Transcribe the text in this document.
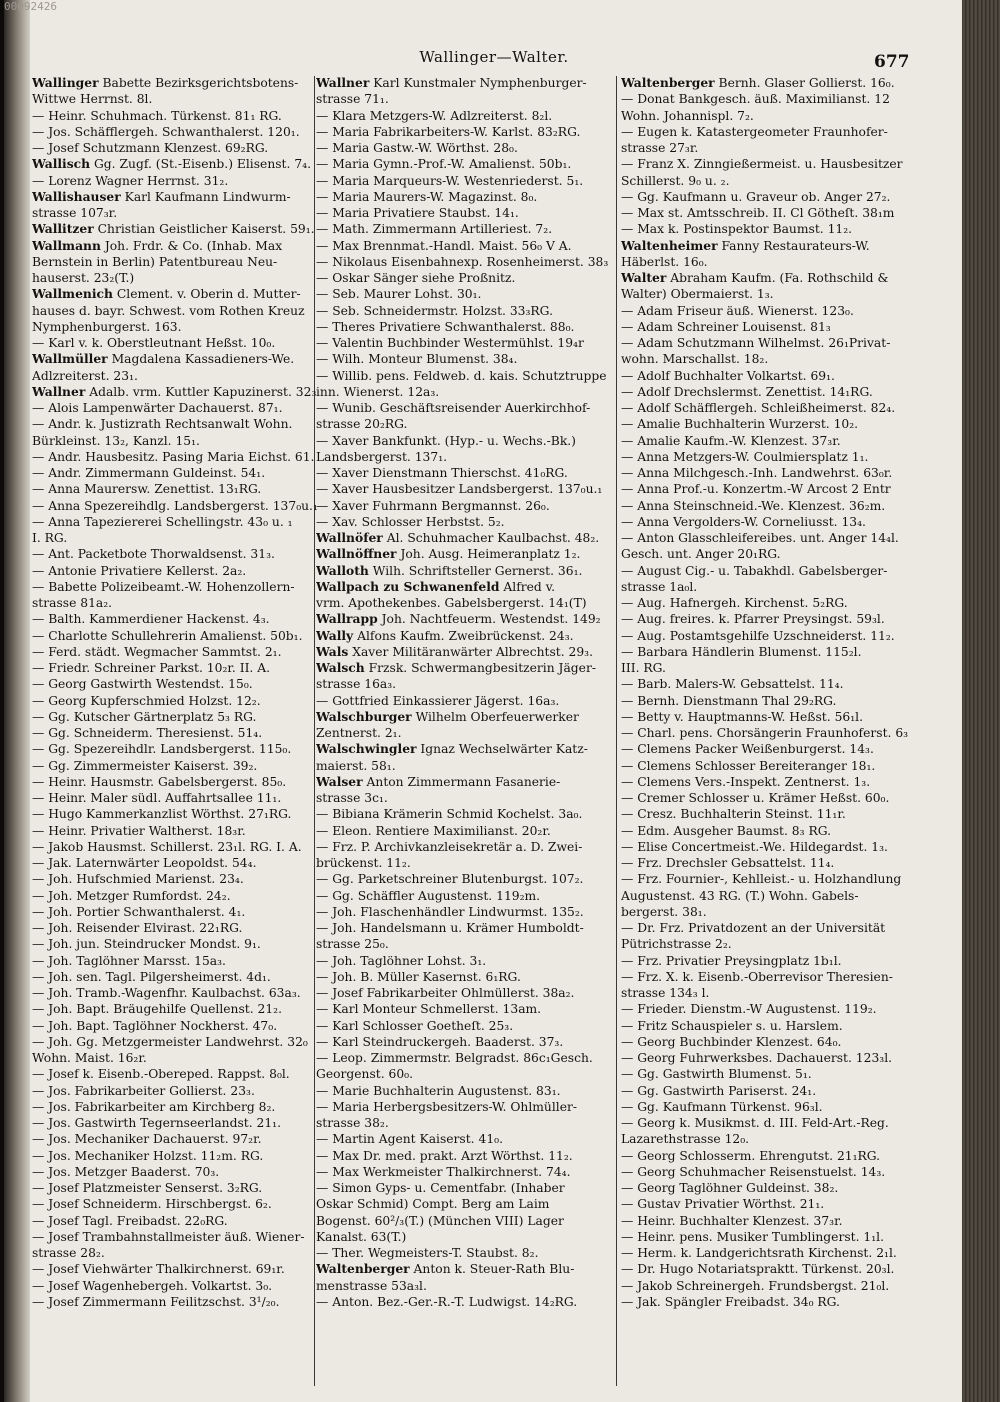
00092426
Wallinger—Walter.	677
Wallinger Babette Bezirksgerichtsbotens-
Wittwe Herrnst. 8l.
— Heinr. Schuhmach. Türkenst. 81₁ RG.
— Jos. Schäfflergeh. Schwanthalerst. 120₁.
— Josef Schutzmann Klenzest. 69₂RG.
Wallisch Gg. Zugf. (St.-Eisenb.) Elisenst. 7₄.
— Lorenz Wagner Herrnst. 31₂.
Wallishauser Karl Kaufmann Lindwurm-
strasse 107₃r.
Wallitzer Christian Geistlicher Kaiserst. 59₁.
Wallmann Joh. Frdr. & Co. (Inhab. Max
Bernstein in Berlin) Patentbureau Neu-
hauserst. 23₂(T.)
Wallmenich Clement. v. Oberin d. Mutter-
hauses d. bayr. Schwest. vom Rothen Kreuz
Nymphenburgerst. 163.
— Karl v. k. Oberstleutnant Heßst. 10₀.
Wallmüller Magdalena Kassadieners-We.
Adlzreiterst. 23₁.
Wallner Adalb. vrm. Kuttler Kapuzinerst. 32₃
— Alois Lampenwärter Dachauerst. 87₁.
— Andr. k. Justizrath Rechtsanwalt Wohn.
Bürkleinst. 13₂, Kanzl. 15₁.
— Andr. Hausbesitz. Pasing Maria Eichst. 61.
— Andr. Zimmermann Guldeinst. 54₁.
— Anna Maurersw. Zenettist. 13₁RG.
— Anna Spezereihdlg. Landsbergerst. 137₀u.₁
— Anna Tapeziererei Schellingstr. 43₀ u. ₁
I. RG.
— Ant. Packetbote Thorwaldsenst. 31₃.
— Antonie Privatiere Kellerst. 2a₂.
— Babette Polizeibeamt.-W. Hohenzollern-
strasse 81a₂.
— Balth. Kammerdiener Hackenst. 4₃.
— Charlotte Schullehrerin Amalienst. 50b₁.
— Ferd. städt. Wegmacher Sammtst. 2₁.
— Friedr. Schreiner Parkst. 10₂r. II. A.
— Georg Gastwirth Westendst. 15₀.
— Georg Kupferschmied Holzst. 12₂.
— Gg. Kutscher Gärtnerplatz 5₃ RG.
— Gg. Schneiderm. Theresienst. 51₄.
— Gg. Spezereihdlr. Landsbergerst. 115₀.
— Gg. Zimmermeister Kaiserst. 39₂.
— Heinr. Hausmstr. Gabelsbergerst. 85₀.
— Heinr. Maler südl. Auffahrtsallee 11₁.
— Hugo Kammerkanzlist Wörthst. 27₁RG.
— Heinr. Privatier Waltherst. 18₃r.
— Jakob Hausmst. Schillerst. 23₁l. RG. I. A.
— Jak. Laternwärter Leopoldst. 54₄.
— Joh. Hufschmied Marienst. 23₄.
— Joh. Metzger Rumfordst. 24₂.
— Joh. Portier Schwanthalerst. 4₁.
— Joh. Reisender Elvirast. 22₁RG.
— Joh. jun. Steindrucker Mondst. 9₁.
— Joh. Taglöhner Marsst. 15a₃.
— Joh. sen. Tagl. Pilgersheimerst. 4d₁.
— Joh. Tramb.-Wagenfhr. Kaulbachst. 63a₃.
— Joh. Bapt. Bräugehilfe Quellenst. 21₂.
— Joh. Bapt. Taglöhner Nockherst. 47₀.
— Joh. Gg. Metzgermeister Landwehrst. 32₀
Wohn. Maist. 16₂r.
— Josef k. Eisenb.-Obereped. Rappst. 8₀l.
— Jos. Fabrikarbeiter Gollierst. 23₃.
— Jos. Fabrikarbeiter am Kirchberg 8₂.
— Jos. Gastwirth Tegernseerlandst. 21₁.
— Jos. Mechaniker Dachauerst. 97₂r.
— Jos. Mechaniker Holzst. 11₂m. RG.
— Jos. Metzger Baaderst. 70₃.
— Josef Platzmeister Senserst. 3₂RG.
— Josef Schneiderm. Hirschbergst. 6₂.
— Josef Tagl. Freibadst. 22₀RG.
— Josef Trambahnstallmeister äuß. Wiener-
strasse 28₂.
— Josef Viehwärter Thalkirchnerst. 69₁r.
— Josef Wagenhebergeh. Volkartst. 3₀.
— Josef Zimmermann Feilitzschst. 3¹/₂₀.
Wallner Karl Kunstmaler Nymphenburger-
strasse 71₁.
— Klara Metzgers-W. Adlzreiterst. 8₂l.
— Maria Fabrikarbeiters-W. Karlst. 83₂RG.
— Maria Gastw.-W. Wörthst. 28₀.
— Maria Gymn.-Prof.-W. Amalienst. 50b₁.
— Maria Marqueurs-W. Westenriederst. 5₁.
— Maria Maurers-W. Magazinst. 8₀.
— Maria Privatiere Staubst. 14₁.
— Math. Zimmermann Artilleriest. 7₂.
— Max Brennmat.-Handl. Maist. 56₀ V A.
— Nikolaus Eisenbahnexp. Rosenheimerst. 38₃
— Oskar Sänger siehe Proßnitz.
— Seb. Maurer Lohst. 30₁.
— Seb. Schneidermstr. Holzst. 33₃RG.
— Theres Privatiere Schwanthalerst. 88₀.
— Valentin Buchbinder Westermühlst. 19₄r
— Wilh. Monteur Blumenst. 38₄.
— Willib. pens. Feldweb. d. kais. Schutztruppe
inn. Wienerst. 12a₃.
— Wunib. Geschäftsreisender Auerkirchhof-
strasse 20₂RG.
— Xaver Bankfunkt. (Hyp.- u. Wechs.-Bk.)
Landsbergerst. 137₁.
— Xaver Dienstmann Thierschst. 41₀RG.
— Xaver Hausbesitzer Landsbergerst. 137₀u.₁
— Xaver Fuhrmann Bergmannst. 26₀.
— Xav. Schlosser Herbstst. 5₂.
Wallnöfer Al. Schuhmacher Kaulbachst. 48₂.
Wallnöffner Joh. Ausg. Heimeranplatz 1₂.
Walloth Wilh. Schriftsteller Gernerst. 36₁.
Wallpach zu Schwanenfeld Alfred v.
vrm. Apothekenbes. Gabelsbergerst. 14₁(T)
Wallrapp Joh. Nachtfeuerm. Westendst. 149₂
Wally Alfons Kaufm. Zweibrückenst. 24₃.
Wals Xaver Militäranwärter Albrechtst. 29₃.
Walsch Frzsk. Schwermangbesitzerin Jäger-
strasse 16a₃.
— Gottfried Einkassierer Jägerst. 16a₃.
Walschburger Wilhelm Oberfeuerwerker
Zentnerst. 2₁.
Walschwingler Ignaz Wechselwärter Katz-
maierst. 58₁.
Walser Anton Zimmermann Fasanerie-
strasse 3c₁.
— Bibiana Krämerin Schmid Kochelst. 3a₀.
— Eleon. Rentiere Maximilianst. 20₂r.
— Frz. P. Archivkanzleisekretär a. D. Zwei-
brückenst. 11₂.
— Gg. Parketschreiner Blutenburgst. 107₂.
— Gg. Schäffler Augustenst. 119₂m.
— Joh. Flaschenhändler Lindwurmst. 135₂.
— Joh. Handelsmann u. Krämer Humboldt-
strasse 25₀.
— Joh. Taglöhner Lohst. 3₁.
— Joh. B. Müller Kasernst. 6₁RG.
— Josef Fabrikarbeiter Ohlmüllerst. 38a₂.
— Karl Monteur Schmellerst. 13am.
— Karl Schlosser Goetheſt. 25₃.
— Karl Steindruckergeh. Baaderst. 37₃.
— Leop. Zimmermstr. Belgradst. 86c₁Gesch.
Georgenst. 60₀.
— Marie Buchhalterin Augustenst. 83₁.
— Maria Herbergsbesitzers-W. Ohlmüller-
strasse 38₂.
— Martin Agent Kaiserst. 41₀.
— Max Dr. med. prakt. Arzt Wörthst. 11₂.
— Max Werkmeister Thalkirchnerst. 74₄.
— Simon Gyps- u. Cementfabr. (Inhaber
Oskar Schmid) Compt. Berg am Laim
Bogenst. 60²/₃(T.) (München VIII) Lager
Kanalst. 63(T.)
— Ther. Wegmeisters-T. Staubst. 8₂.
Waltenberger Anton k. Steuer-Rath Blu-
menstrasse 53a₃l.
— Anton. Bez.-Ger.-R.-T. Ludwigst. 14₂RG.
Waltenberger Bernh. Glaser Gollierst. 16₀.
— Donat Bankgesch. äuß. Maximilianst. 12
Wohn. Johannispl. 7₂.
— Eugen k. Katastergeometer Fraunhofer-
strasse 27₃r.
— Franz X. Zinngießermeist. u. Hausbesitzer
Schillerst. 9₀ u. ₂.
— Gg. Kaufmann u. Graveur ob. Anger 27₂.
— Max st. Amtsschreib. II. Cl Götheſt. 38₁m
— Max k. Postinspektor Baumst. 11₂.
Waltenheimer Fanny Restaurateurs-W.
Häberlst. 16₀.
Walter Abraham Kaufm. (Fa. Rothschild &
Walter) Obermaierst. 1₃.
— Adam Friseur äuß. Wienerst. 123₀.
— Adam Schreiner Louisenst. 81₃
— Adam Schutzmann Wilhelmst. 26₁Privat-
wohn. Marschallst. 18₂.
— Adolf Buchhalter Volkartst. 69₁.
— Adolf Drechslermst. Zenettist. 14₁RG.
— Adolf Schäfflergeh. Schleißheimerst. 82₄.
— Amalie Buchhalterin Wurzerst. 10₂.
— Amalie Kaufm.-W. Klenzest. 37₃r.
— Anna Metzgers-W. Coulmiersplatz 1₁.
— Anna Milchgesch.-Inh. Landwehrst. 63₀r.
— Anna Prof.-u. Konzertm.-W Arcost 2 Entr
— Anna Steinschneid.-We. Klenzest. 36₂m.
— Anna Vergolders-W. Corneliusst. 13₄.
— Anton Glasschleifereibes. unt. Anger 14₄l.
Gesch. unt. Anger 20₁RG.
— August Cig.- u. Tabakhdl. Gabelsberger-
strasse 1a₀l.
— Aug. Hafnergeh. Kirchenst. 5₂RG.
— Aug. freires. k. Pfarrer Preysingst. 59₃l.
— Aug. Postamtsgehilfe Uzschneiderst. 11₂.
— Barbara Händlerin Blumenst. 115₂l.
III. RG.
— Barb. Malers-W. Gebsattelst. 11₄.
— Bernh. Dienstmann Thal 29₂RG.
— Betty v. Hauptmanns-W. Heßst. 56₁l.
— Charl. pens. Chorsängerin Fraunhoferst. 6₃
— Clemens Packer Weißenburgerst. 14₃.
— Clemens Schlosser Bereiteranger 18₁.
— Clemens Vers.-Inspekt. Zentnerst. 1₃.
— Cremer Schlosser u. Krämer Heßst. 60₀.
— Cresz. Buchhalterin Steinst. 11₁r.
— Edm. Ausgeher Baumst. 8₃ RG.
— Elise Concertmeist.-We. Hildegardst. 1₃.
— Frz. Drechsler Gebsattelst. 11₄.
— Frz. Fournier-, Kehlleist.- u. Holzhandlung
Augustenst. 43 RG. (T.) Wohn. Gabels-
bergerst. 38₁.
— Dr. Frz. Privatdozent an der Universität
Pütrichstrasse 2₂.
— Frz. Privatier Preysingplatz 1b₁l.
— Frz. X. k. Eisenb.-Oberrevisor Theresien-
strasse 134₃ l.
— Frieder. Dienstm.-W Augustenst. 119₂.
— Fritz Schauspieler s. u. Harslem.
— Georg Buchbinder Klenzest. 64₀.
— Georg Fuhrwerksbes. Dachauerst. 123₃l.
— Gg. Gastwirth Blumenst. 5₁.
— Gg. Gastwirth Pariserst. 24₁.
— Gg. Kaufmann Türkenst. 96₃l.
— Georg k. Musikmst. d. III. Feld-Art.-Reg.
Lazarethstrasse 12₀.
— Georg Schlosserm. Ehrengutst. 21₁RG.
— Georg Schuhmacher Reisenstuelst. 14₃.
— Georg Taglöhner Guldeinst. 38₂.
— Gustav Privatier Wörthst. 21₁.
— Heinr. Buchhalter Klenzest. 37₃r.
— Heinr. pens. Musiker Tumblingerst. 1₁l.
— Herm. k. Landgerichtsrath Kirchenst. 2₁l.
— Dr. Hugo Notariatspraktt. Türkenst. 20₃l.
— Jakob Schreinergeh. Frundsbergst. 21₀l.
— Jak. Spängler Freibadst. 34₀ RG.
